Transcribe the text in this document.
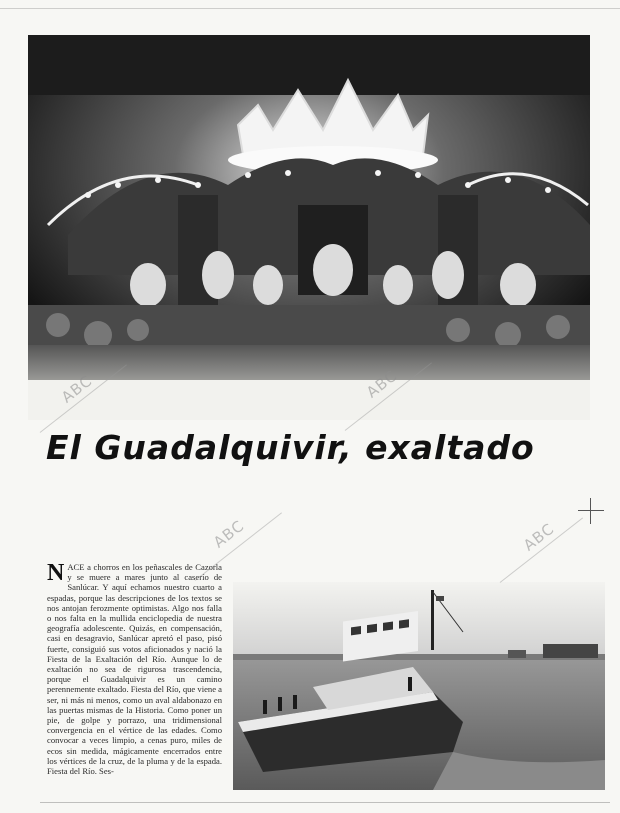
El Guadalquivir, exaltado
NACE a chorros en los peñascales de Cazorla y se muere a mares junto al caserío de Sanlúcar. Y aquí echamos nuestro cuarto a espadas, porque las descripciones de los textos se nos antojan ferozmente optimistas. Algo nos falla o nos falta en la mullida enciclopedia de nuestra geografía adolescente. Quizás, en compensación, casi en desagravio, Sanlúcar apretó el paso, pisó fuerte, consiguió sus votos aficionados y nació la Fiesta de la Exaltación del Río. Aunque lo de exaltación no sea de rigurosa trascendencia, porque el Guadalquivir es un camino perennemente exaltado. Fiesta del Río, que viene a ser, ni más ni menos, como un aval aldabonazo en las puertas mismas de la Historia. Como poner un pie, de golpe y porrazo, una tridimensional convergencia en el vértice de las edades. Como convocar a veces limpio, a cenas puro, miles de ecos sin medida, mágicamente encerrados entre los vértices de la cruz, de la pluma y de la espada. Fiesta del Río. Ses-
ABC	ABC
ABC	ABC
